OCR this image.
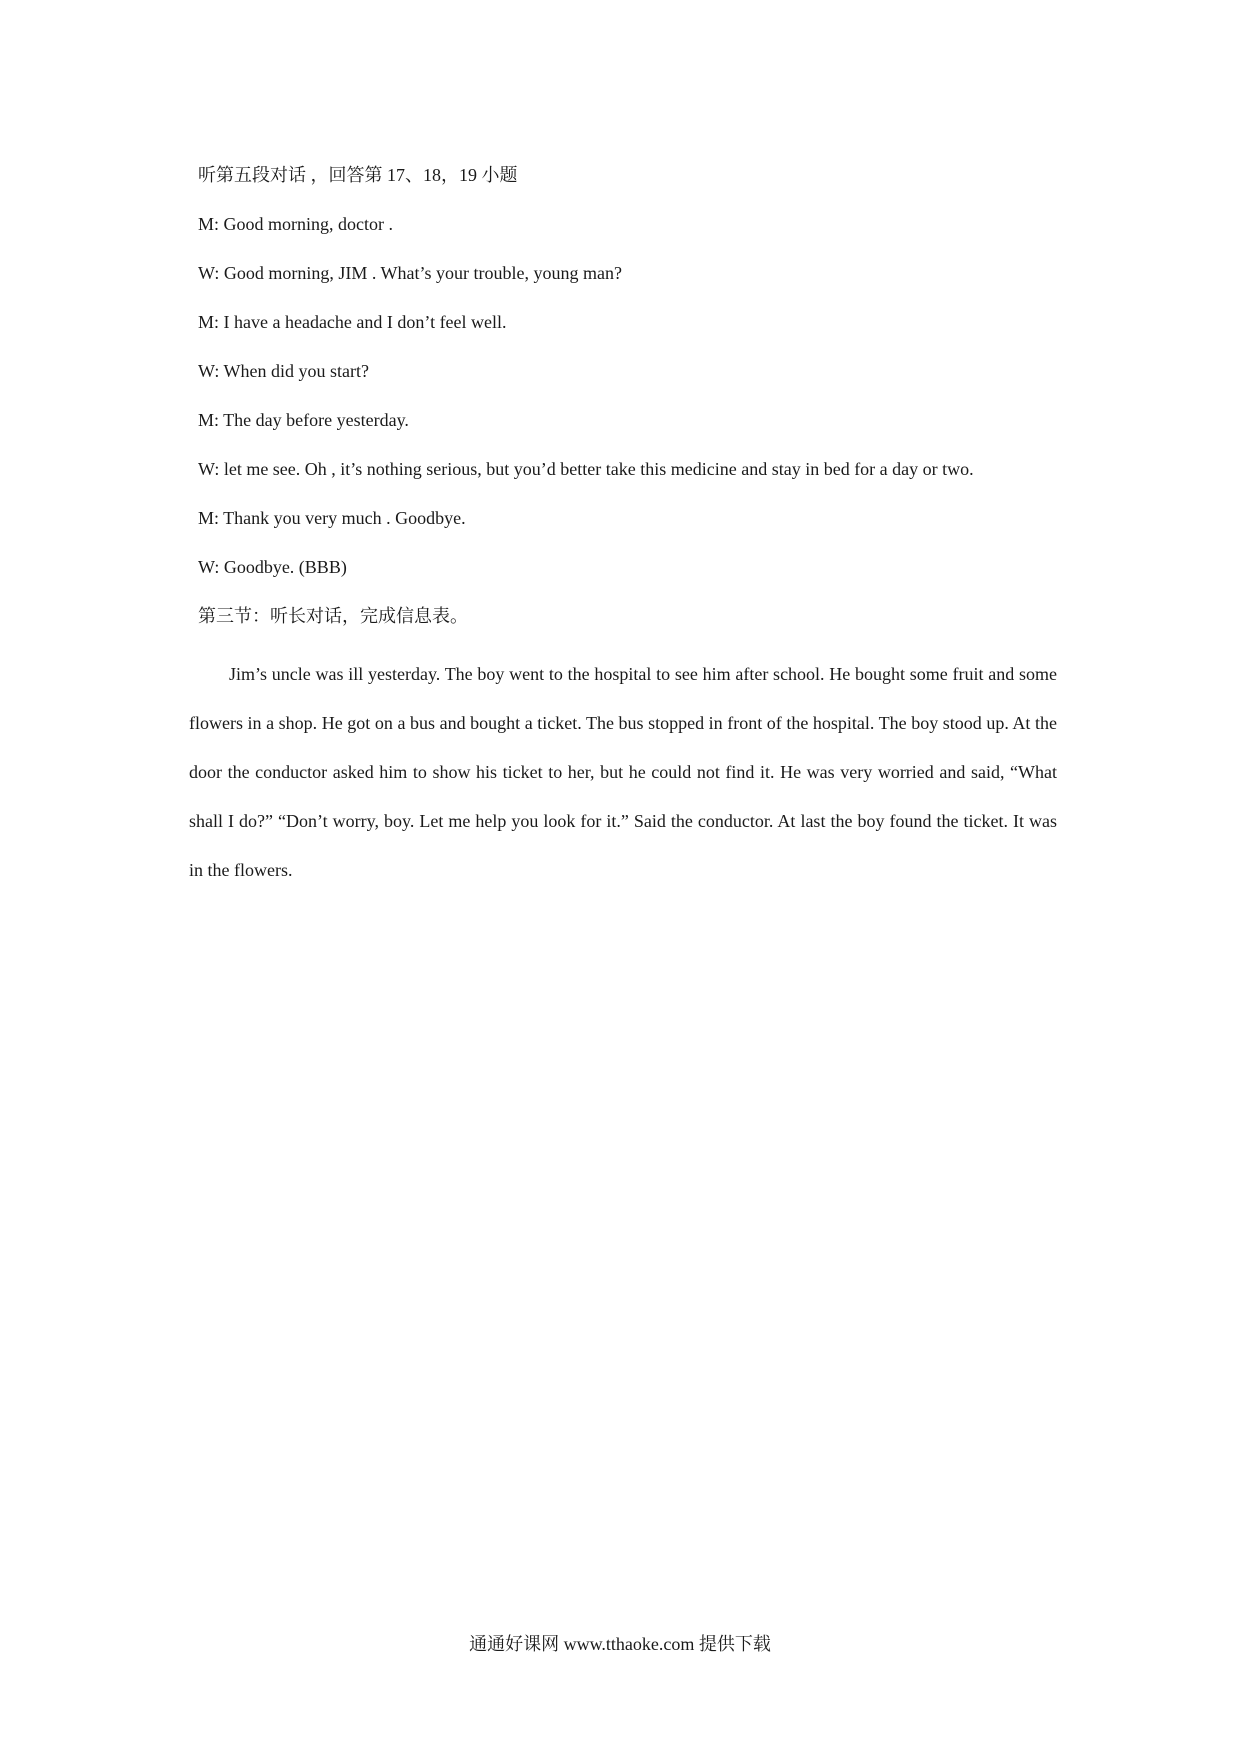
听第五段对话 ，回答第 17、18，19 小题
M: Good morning, doctor .
W: Good morning, JIM . What’s your trouble, young man?
M: I have a headache and I don’t feel well.
W: When did you start?
M: The day before yesterday.
W: let me see. Oh , it’s nothing serious, but you’d better take this medicine and stay in bed for a day or two.
M: Thank you very much . Goodbye.
W: Goodbye. (BBB)
第三节：听长对话，完成信息表。

Jim’s uncle was ill yesterday. The boy went to the hospital to see him after school. He bought some fruit and some flowers in a shop. He got on a bus and bought a ticket. The bus stopped in front of the hospital. The boy stood up. At the door the conductor asked him to show his ticket to her, but he could not find it. He was very worried and said, “What shall I do?” “Don’t worry, boy. Let me help you look for it.” Said the conductor. At last the boy found the ticket. It was in the flowers.

通通好课网 www.tthaoke.com 提供下载
